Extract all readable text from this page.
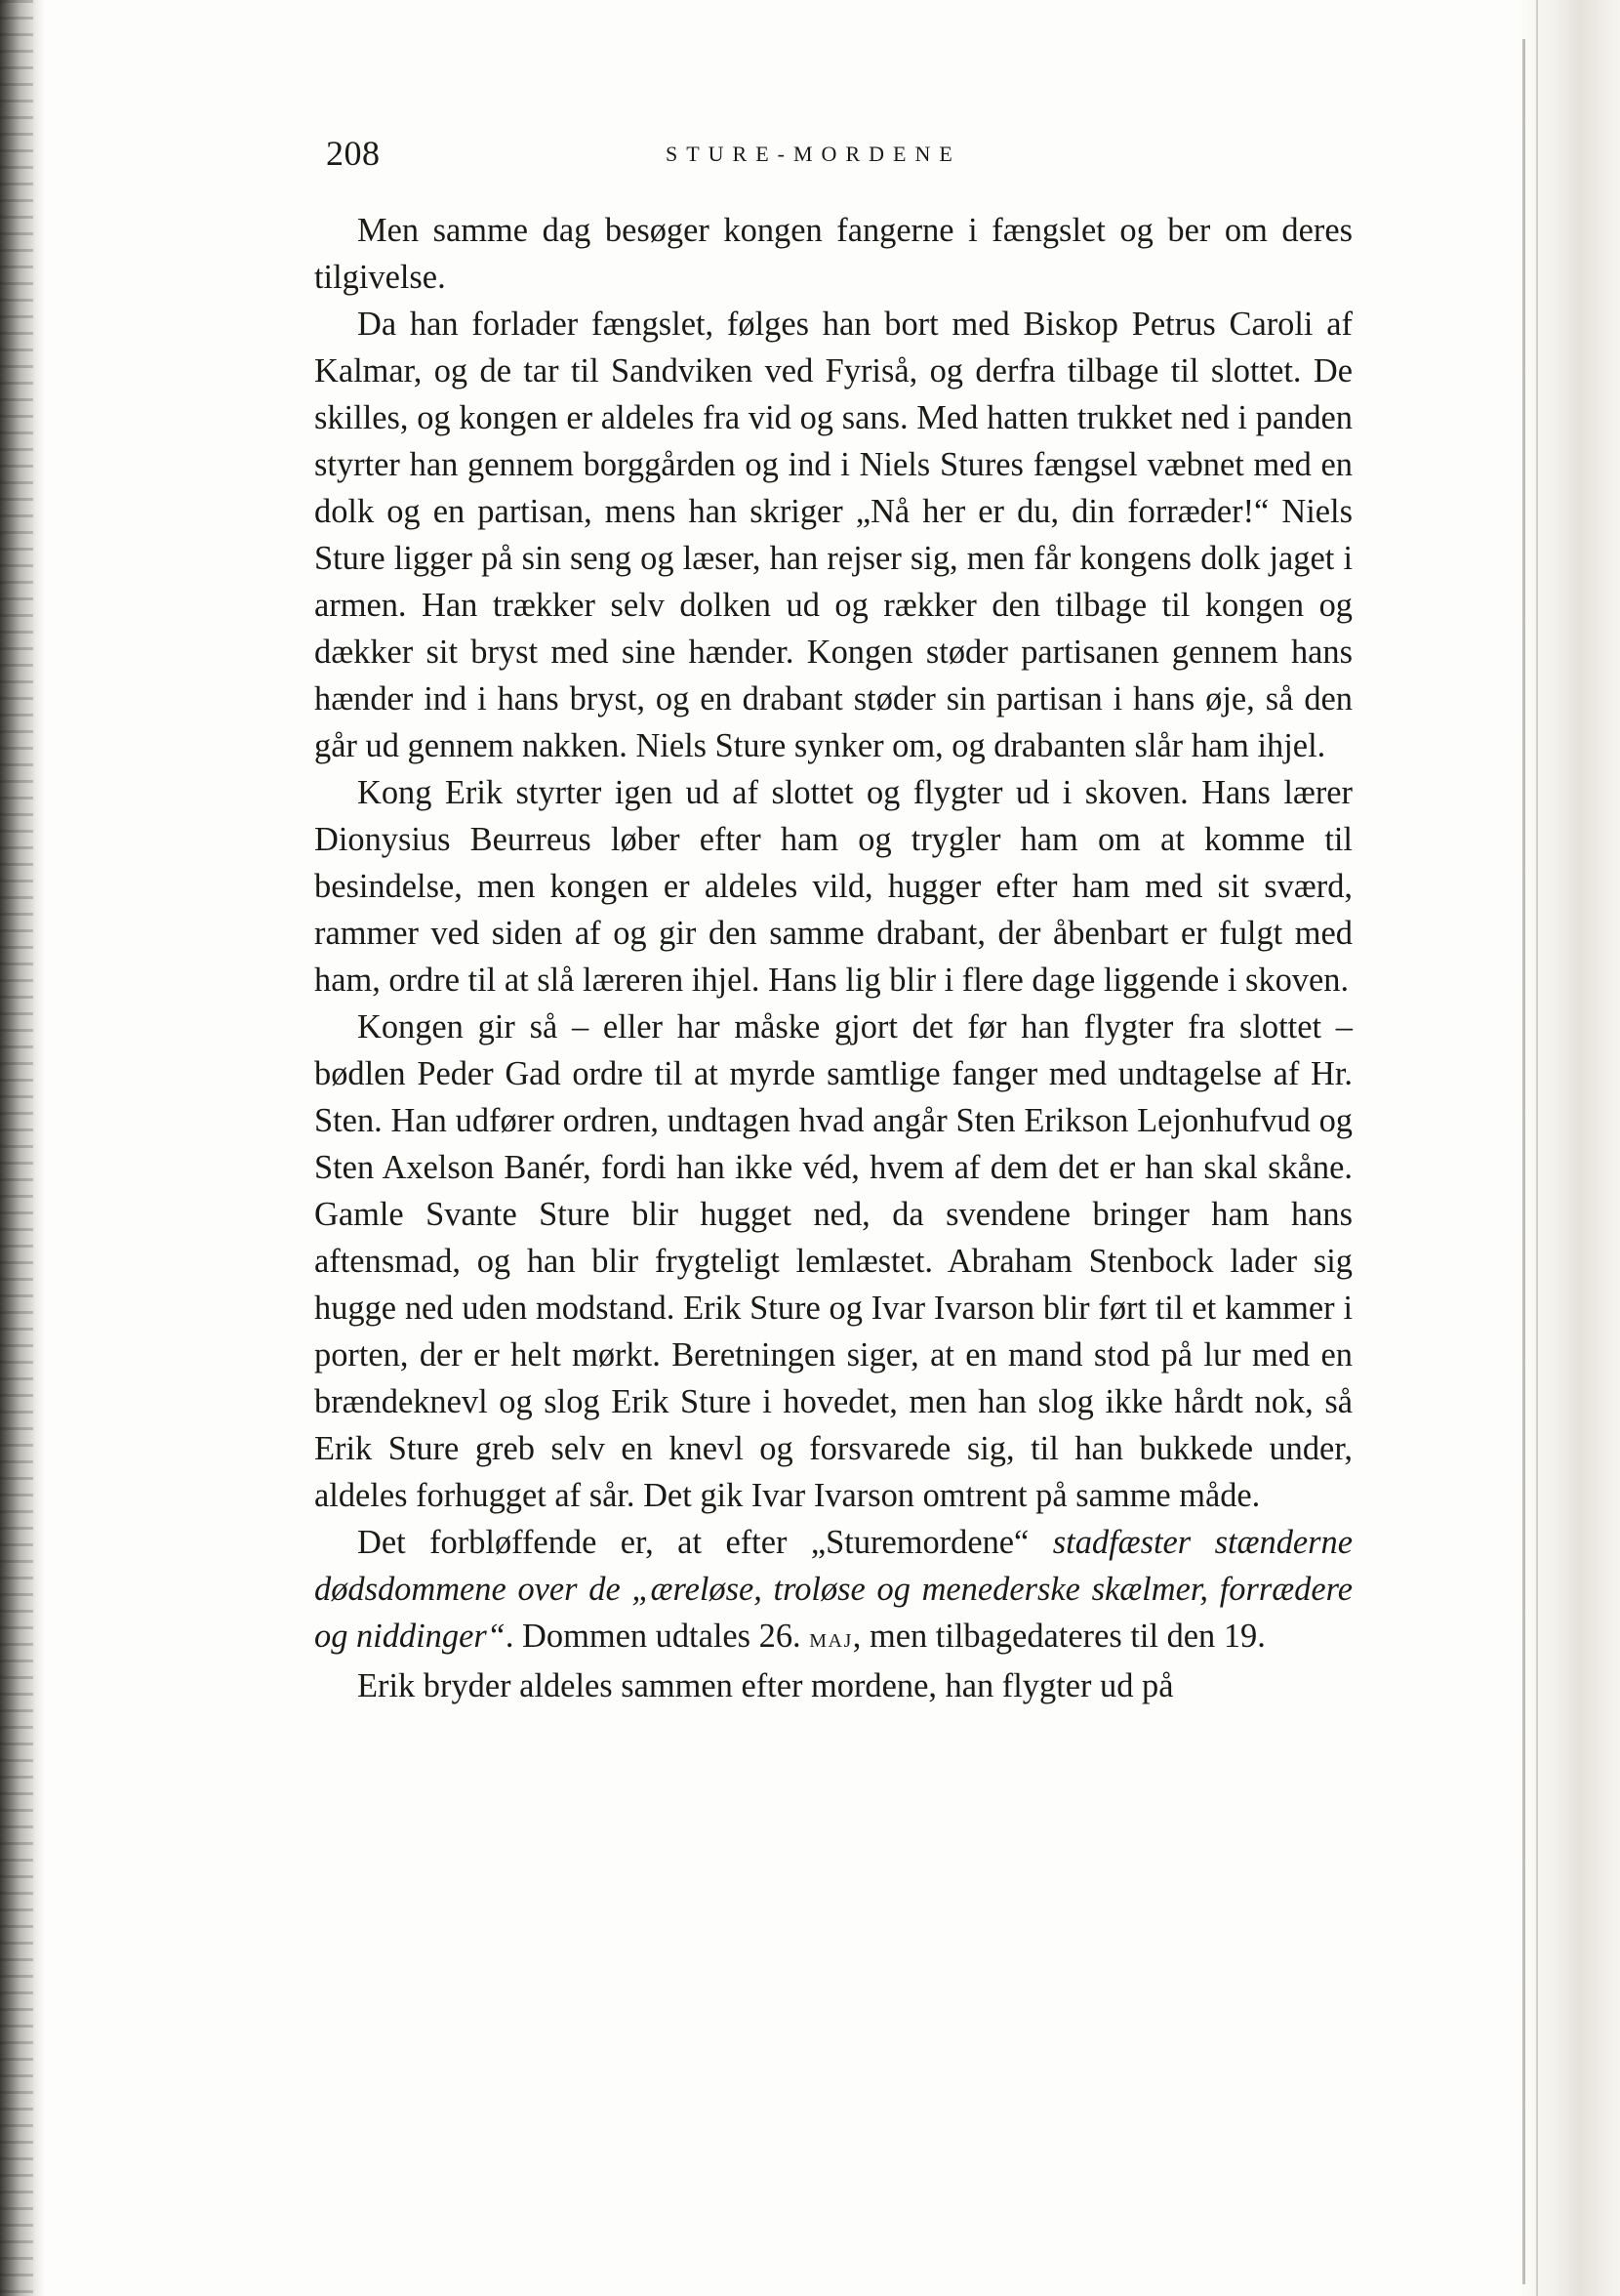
208	STURE-MORDENE

Men samme dag besøger kongen fangerne i fængslet og ber om deres tilgivelse.

Da han forlader fængslet, følges han bort med Biskop Petrus Caroli af Kalmar, og de tar til Sandviken ved Fyriså, og derfra tilbage til slottet. De skilles, og kongen er aldeles fra vid og sans. Med hatten trukket ned i panden styrter han gennem borggården og ind i Niels Stures fængsel væbnet med en dolk og en partisan, mens han skriger „Nå her er du, din forræder!“ Niels Sture ligger på sin seng og læser, han rejser sig, men får kongens dolk jaget i armen. Han trækker selv dolken ud og rækker den tilbage til kongen og dækker sit bryst med sine hænder. Kongen støder partisanen gennem hans hænder ind i hans bryst, og en drabant støder sin partisan i hans øje, så den går ud gennem nakken. Niels Sture synker om, og drabanten slår ham ihjel.

Kong Erik styrter igen ud af slottet og flygter ud i skoven. Hans lærer Dionysius Beurreus løber efter ham og trygler ham om at komme til besindelse, men kongen er aldeles vild, hugger efter ham med sit sværd, rammer ved siden af og gir den samme drabant, der åbenbart er fulgt med ham, ordre til at slå læreren ihjel. Hans lig blir i flere dage liggende i skoven.

Kongen gir så – eller har måske gjort det før han flygter fra slottet – bødlen Peder Gad ordre til at myrde samtlige fanger med undtagelse af Hr. Sten. Han udfører ordren, undtagen hvad angår Sten Erikson Lejonhufvud og Sten Axelson Banér, fordi han ikke véd, hvem af dem det er han skal skåne. Gamle Svante Sture blir hugget ned, da svendene bringer ham hans aftensmad, og han blir frygteligt lemlæstet. Abraham Stenbock lader sig hugge ned uden modstand. Erik Sture og Ivar Ivarson blir ført til et kammer i porten, der er helt mørkt. Beretningen siger, at en mand stod på lur med en brændeknevl og slog Erik Sture i hovedet, men han slog ikke hårdt nok, så Erik Sture greb selv en knevl og forsvarede sig, til han bukkede under, aldeles forhugget af sår. Det gik Ivar Ivarson omtrent på samme måde.

Det forbløffende er, at efter „Sturemordene“ stadfæster stænderne dødsdommene over de „æreløse, troløse og menederske skælmer, forrædere og niddinger“. Dommen udtales 26. maj, men tilbagedateres til den 19.

Erik bryder aldeles sammen efter mordene, han flygter ud på
